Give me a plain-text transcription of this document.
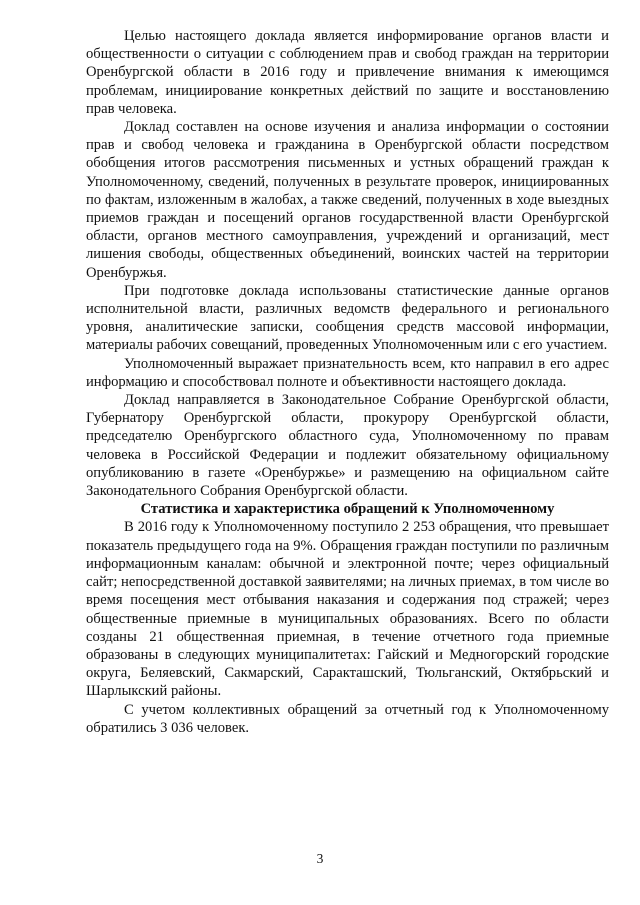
Целью настоящего доклада является информирование органов власти и общественности о ситуации с соблюдением прав и свобод граждан на территории Оренбургской области в 2016 году и привлечение внимания к имеющимся проблемам, инициирование конкретных действий по защите и восстановлению прав человека.

Доклад составлен на основе изучения и анализа информации о состоянии прав и свобод человека и гражданина в Оренбургской области посредством обобщения итогов рассмотрения письменных и устных обращений граждан к Уполномоченному, сведений, полученных в результате проверок, инициированных по фактам, изложенным в жалобах, а также сведений, полученных в ходе выездных приемов граждан и посещений органов государственной власти Оренбургской области, органов местного самоуправления, учреждений и организаций, мест лишения свободы, общественных объединений, воинских частей на территории Оренбуржья.

При подготовке доклада использованы статистические данные органов исполнительной власти, различных ведомств федерального и регионального уровня, аналитические записки, сообщения средств массовой информации, материалы рабочих совещаний, проведенных Уполномоченным или с его участием.

Уполномоченный выражает признательность всем, кто направил в его адрес информацию и способствовал полноте и объективности настоящего доклада.

Доклад направляется в Законодательное Собрание Оренбургской области, Губернатору Оренбургской области, прокурору Оренбургской области, председателю Оренбургского областного суда, Уполномоченному по правам человека в Российской Федерации и подлежит обязательному официальному опубликованию в газете «Оренбуржье» и размещению на официальном сайте Законодательного Собрания Оренбургской области.

Статистика и характеристика обращений к Уполномоченному

В 2016 году к Уполномоченному поступило 2 253 обращения, что превышает показатель предыдущего года на 9%. Обращения граждан поступили по различным информационным каналам: обычной и электронной почте; через официальный сайт; непосредственной доставкой заявителями; на личных приемах, в том числе во время посещения мест отбывания наказания и содержания под стражей; через общественные приемные в муниципальных образованиях. Всего по области созданы 21 общественная приемная, в течение отчетного года приемные образованы в следующих муниципалитетах: Гайский и Медногорский городские округа, Беляевский, Сакмарский, Саракташский, Тюльганский, Октябрьский и Шарлыкский районы.

С учетом коллективных обращений за отчетный год к Уполномоченному обратились 3 036 человек.

3
